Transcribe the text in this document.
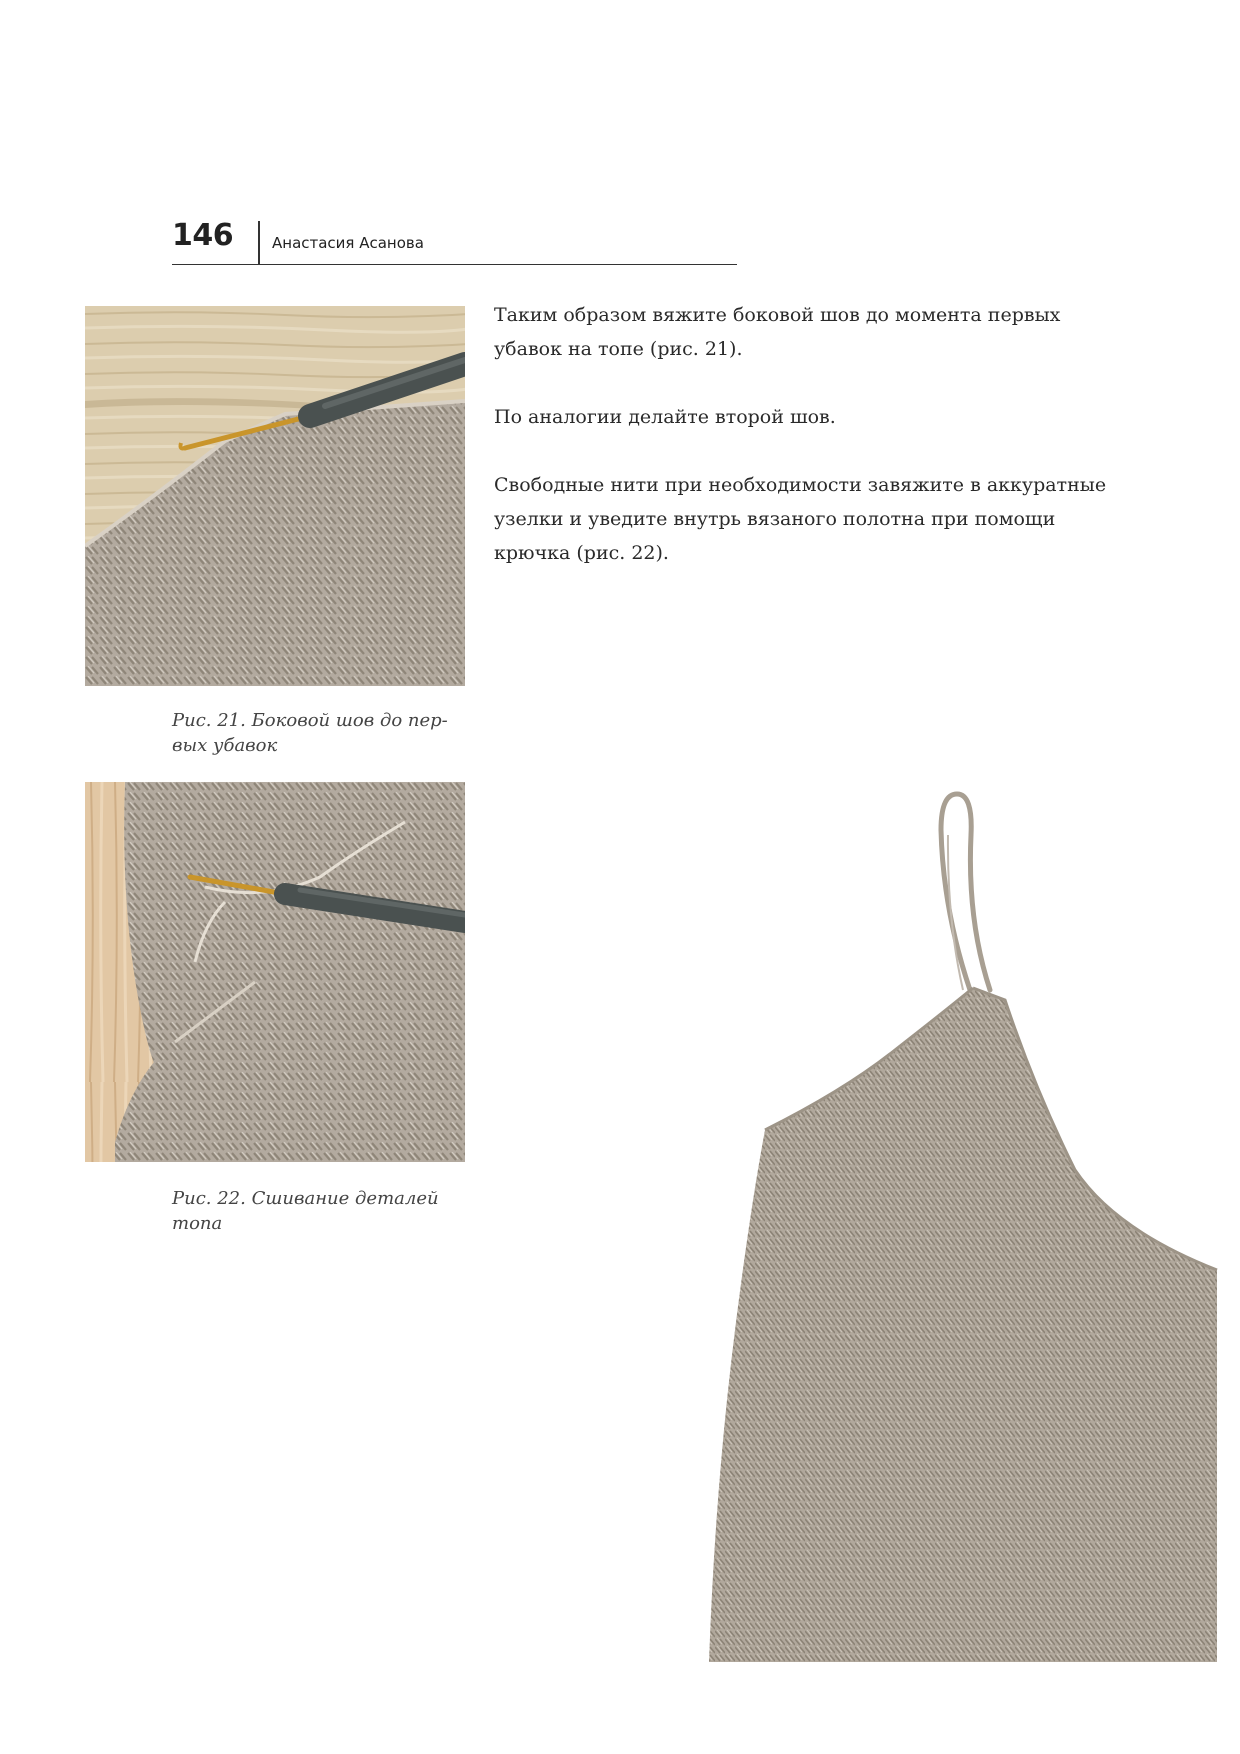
146	Анастасия Асанова
Рис. 21. Боковой шов до пер-вых убавок
Рис. 22. Сшивание деталей топа

Таким образом вяжите боковой шов до момента первых убавок на топе (рис. 21).

По аналогии делайте второй шов.

Свободные нити при необходимости завяжите в аккуратные узелки и уведите внутрь вязаного полотна при помощи крючка (рис. 22).
